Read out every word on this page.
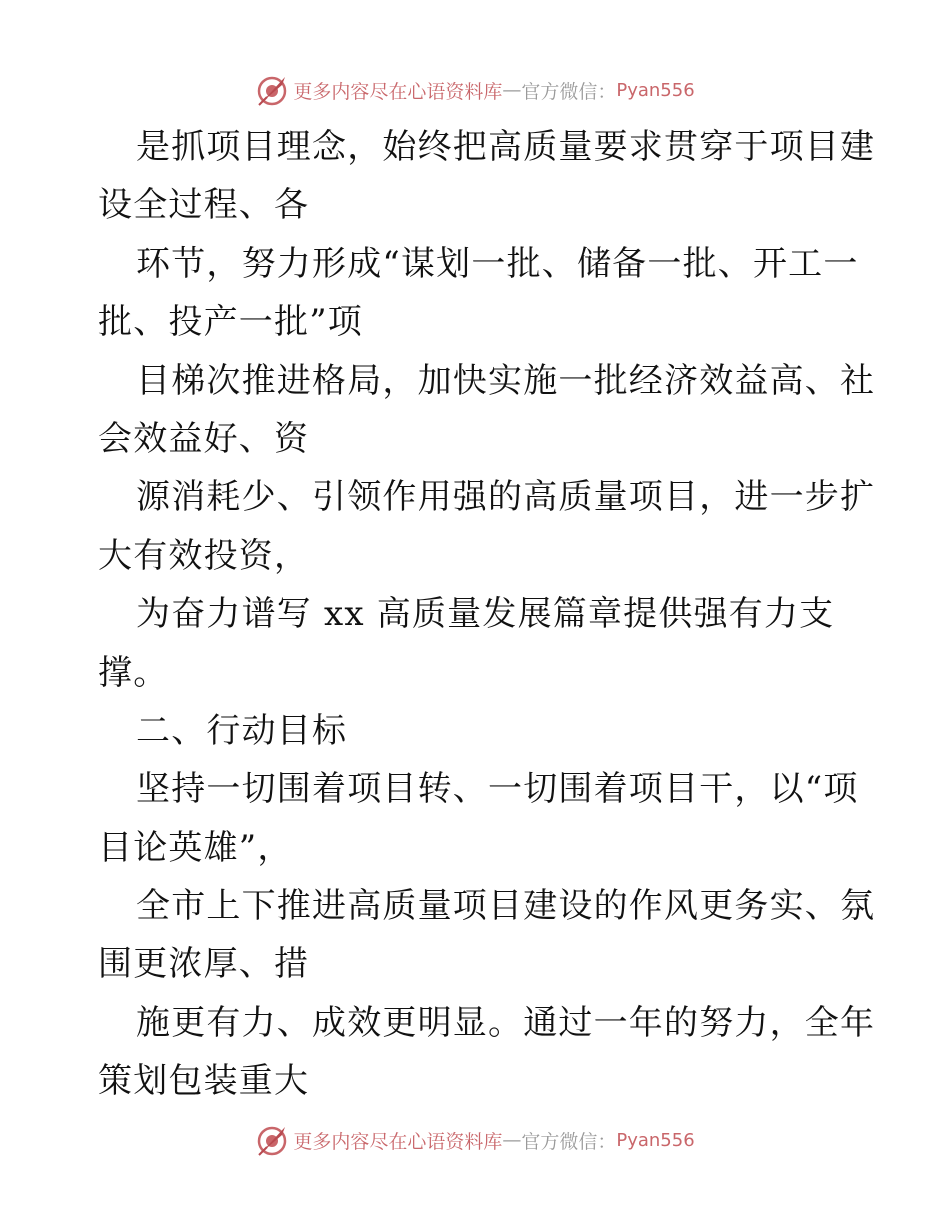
更多内容尽在心语资料库 — 官方微信： Pyan556
是抓项目理念，始终把高质量要求贯穿于项目建
设全过程、各
环节，努力形成“谋划一批、储备一批、开工一
批、投产一批”项
目梯次推进格局，加快实施一批经济效益高、社
会效益好、资
源消耗少、引领作用强的高质量项目，进一步扩
大有效投资，
为奋力谱写 xx 高质量发展篇章提供强有力支
撑。
二、行动目标
坚持一切围着项目转、一切围着项目干，以“项
目论英雄”，
全市上下推进高质量项目建设的作风更务实、氛
围更浓厚、措
施更有力、成效更明显。通过一年的努力，全年
策划包装重大
更多内容尽在心语资料库 — 官方微信： Pyan556
